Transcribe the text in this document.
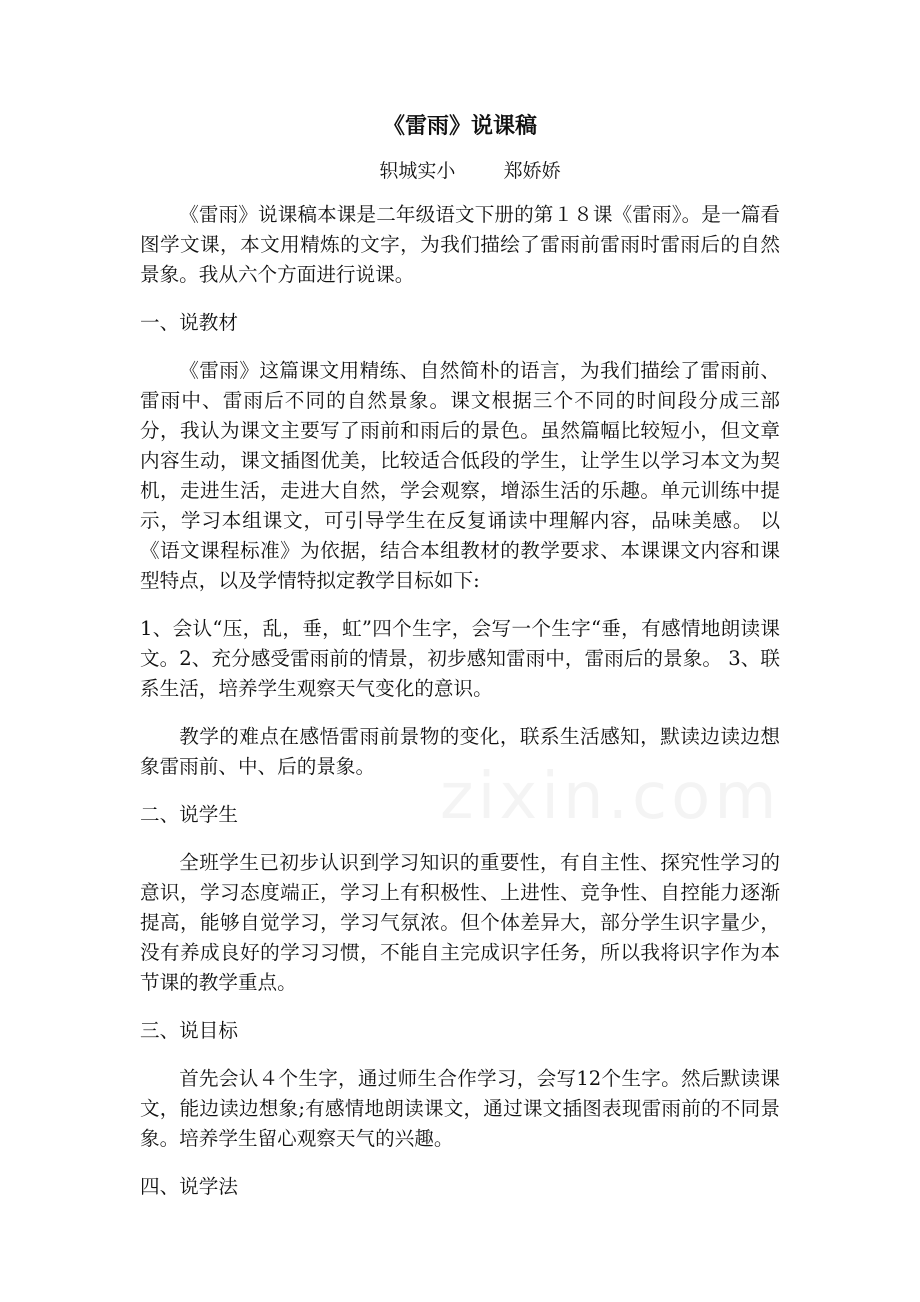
《雷雨》说课稿
轵城实小        郑娇娇

《雷雨》说课稿本课是二年级语文下册的第１８课《雷雨》。是一篇看图学文课，本文用精炼的文字，为我们描绘了雷雨前雷雨时雷雨后的自然景象。我从六个方面进行说课。

一、说教材

《雷雨》这篇课文用精练、自然简朴的语言，为我们描绘了雷雨前、雷雨中、雷雨后不同的自然景象。课文根据三个不同的时间段分成三部分，我认为课文主要写了雨前和雨后的景色。虽然篇幅比较短小，但文章内容生动，课文插图优美，比较适合低段的学生，让学生以学习本文为契机，走进生活，走进大自然，学会观察，增添生活的乐趣。单元训练中提示，学习本组课文，可引导学生在反复诵读中理解内容，品味美感。 以《语文课程标准》为依据，结合本组教材的教学要求、本课课文内容和课型特点，以及学情特拟定教学目标如下:

1、会认“压，乱，垂，虹”四个生字，会写一个生字“垂，有感情地朗读课文。2、充分感受雷雨前的情景，初步感知雷雨中，雷雨后的景象。 3、联系生活，培养学生观察天气变化的意识。

教学的难点在感悟雷雨前景物的变化，联系生活感知，默读边读边想象雷雨前、中、后的景象。

二、说学生

全班学生已初步认识到学习知识的重要性，有自主性、探究性学习的意识，学习态度端正，学习上有积极性、上进性、竞争性、自控能力逐渐提高，能够自觉学习，学习气氛浓。但个体差异大，部分学生识字量少，没有养成良好的学习习惯，不能自主完成识字任务，所以我将识字作为本节课的教学重点。

三、说目标

首先会认４个生字，通过师生合作学习，会写12个生字。然后默读课文，能边读边想象;有感情地朗读课文，通过课文插图表现雷雨前的不同景象。培养学生留心观察天气的兴趣。

四、说学法
